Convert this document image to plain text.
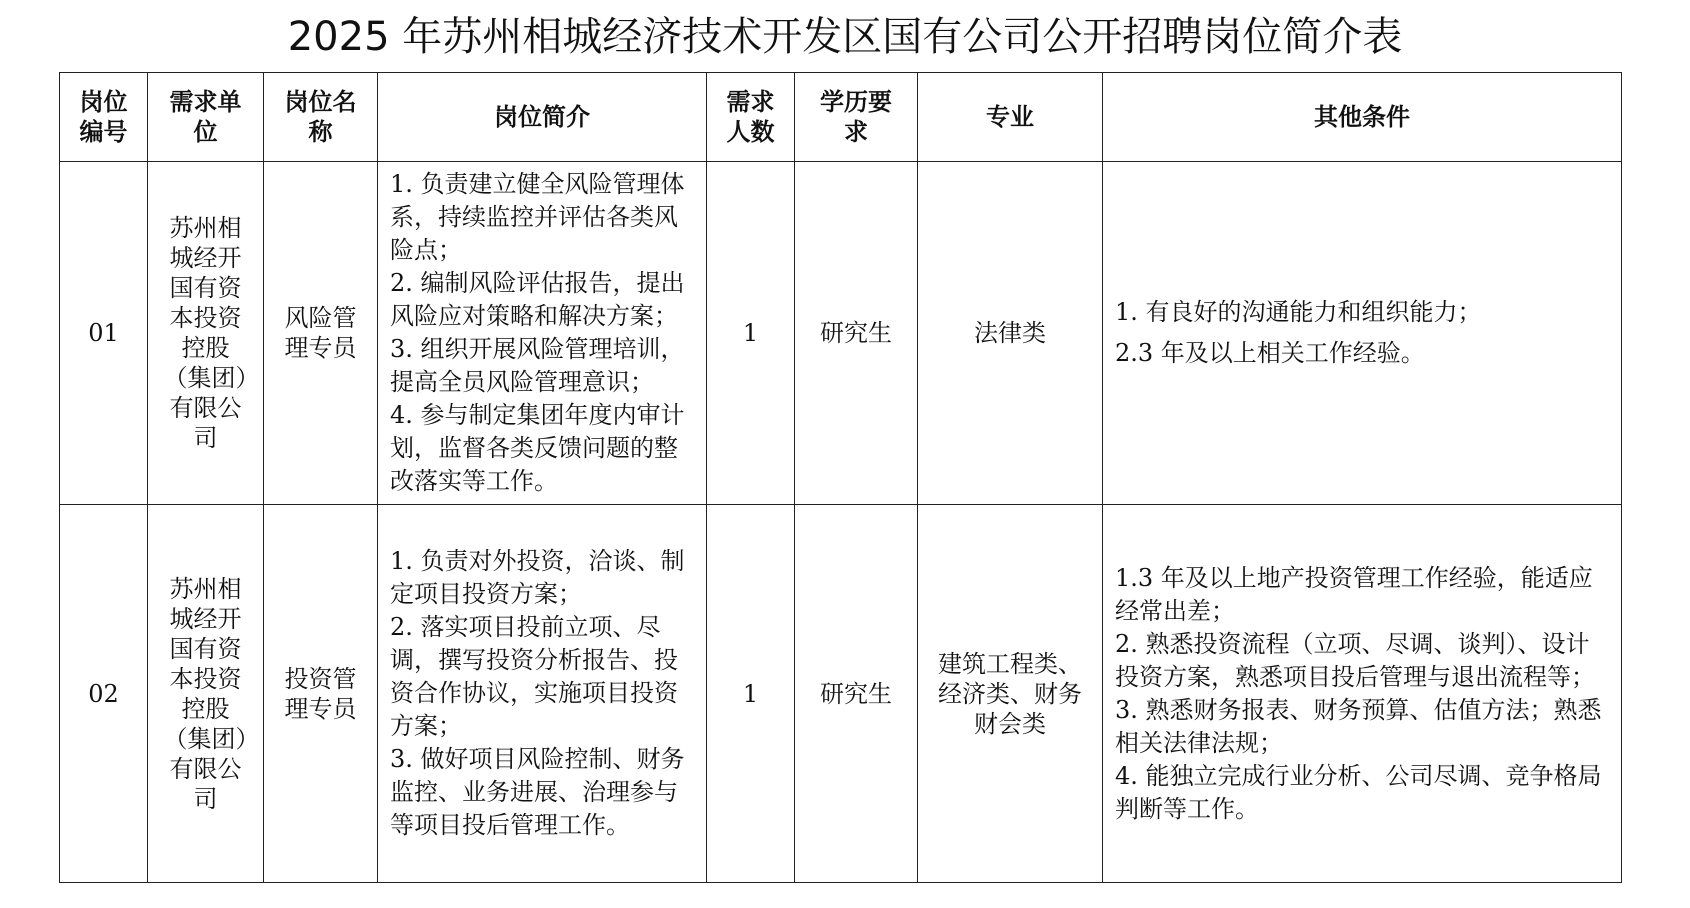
2025 年苏州相城经济技术开发区国有公司公开招聘岗位简介表
岗位编号	需求单位	岗位名称	岗位简介	需求人数	学历要求	专业	其他条件
01	苏州相城经开国有资本投资控股（集团）有限公司	风险管理专员	1. 负责建立健全风险管理体系，持续监控并评估各类风险点；
2. 编制风险评估报告，提出风险应对策略和解决方案；
3. 组织开展风险管理培训，提高全员风险管理意识；
4. 参与制定集团年度内审计划，监督各类反馈问题的整改落实等工作。	1	研究生	法律类	1. 有良好的沟通能力和组织能力；
2.3 年及以上相关工作经验。

02	苏州相城经开国有资本投资控股（集团）有限公司	投资管理专员	1. 负责对外投资，洽谈、制定项目投资方案；
2. 落实项目投前立项、尽调，撰写投资分析报告、投资合作协议，实施项目投资方案；
3. 做好项目风险控制、财务监控、业务进展、治理参与等项目投后管理工作。	1	研究生	建筑工程类、经济类、财务财会类	1.3 年及以上地产投资管理工作经验，能适应经常出差；
2. 熟悉投资流程（立项、尽调、谈判）、设计投资方案，熟悉项目投后管理与退出流程等；
3. 熟悉财务报表、财务预算、估值方法；熟悉相关法律法规；
4. 能独立完成行业分析、公司尽调、竞争格局判断等工作。
